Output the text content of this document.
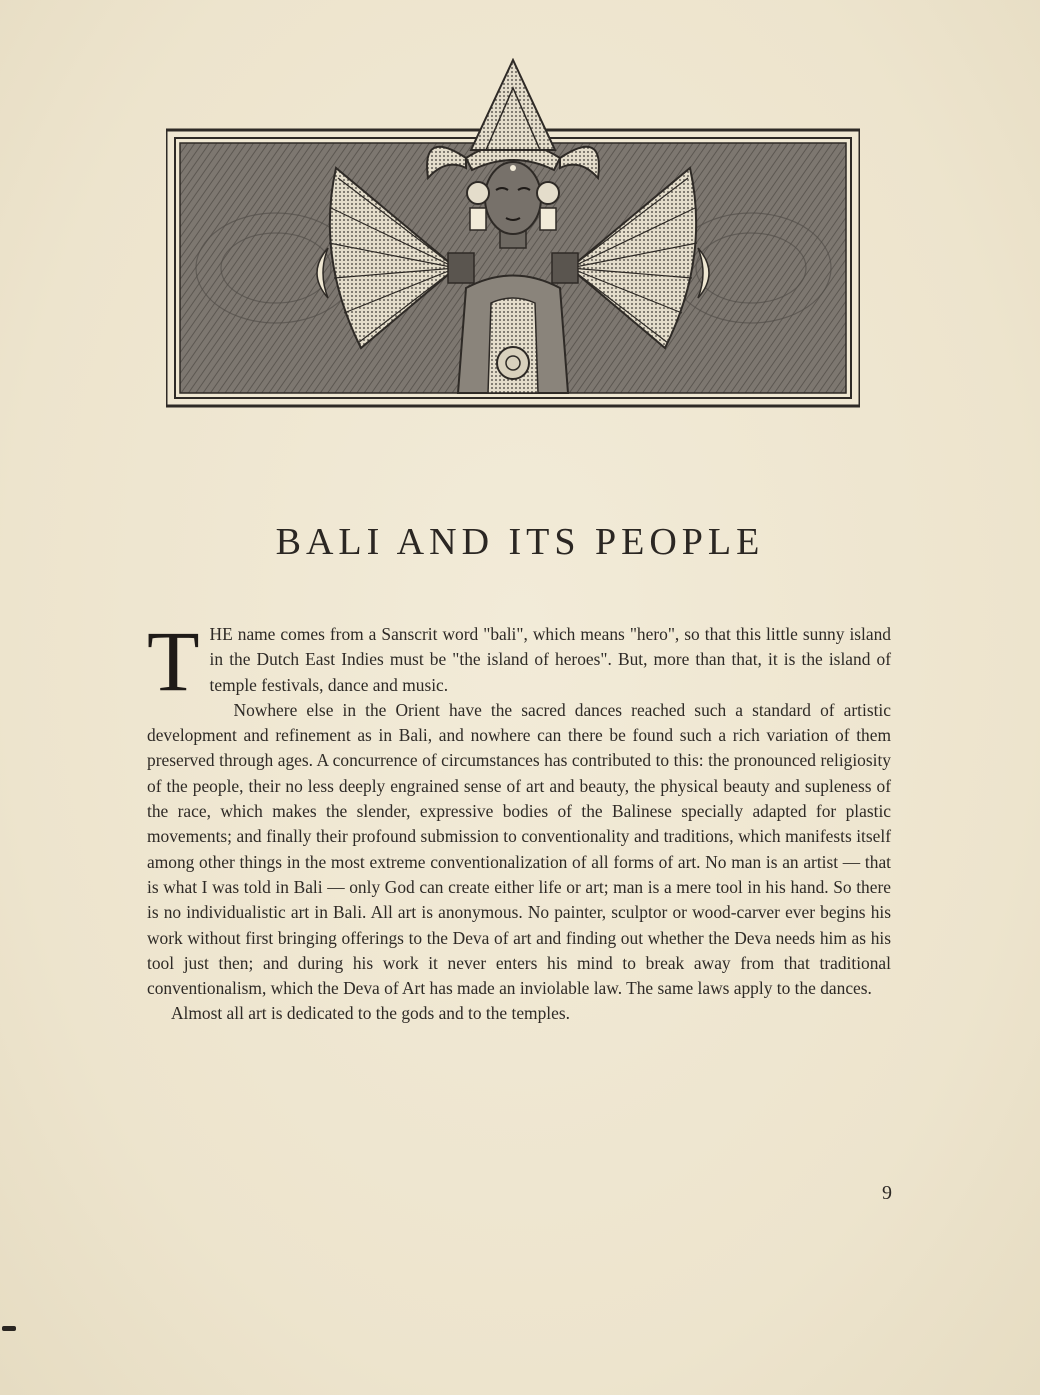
BALI AND ITS PEOPLE

THE name comes from a Sanscrit word "bali", which means "hero", so that this little sunny island in the Dutch East Indies must be "the island of heroes". But, more than that, it is the island of temple festivals, dance and music.

Nowhere else in the Orient have the sacred dances reached such a standard of artistic development and refinement as in Bali, and nowhere can there be found such a rich variation of them preserved through ages. A concurrence of circumstances has contributed to this: the pronounced religiosity of the people, their no less deeply engrained sense of art and beauty, the physical beauty and supleness of the race, which makes the slender, expressive bodies of the Balinese specially adapted for plastic movements; and finally their profound submission to conventionality and traditions, which manifests itself among other things in the most extreme conventionalization of all forms of art. No man is an artist — that is what I was told in Bali — only God can create either life or art; man is a mere tool in his hand. So there is no individualistic art in Bali. All art is anonymous. No painter, sculptor or wood-carver ever begins his work without first bringing offerings to the Deva of art and finding out whether the Deva needs him as his tool just then; and during his work it never enters his mind to break away from that traditional conventionalism, which the Deva of Art has made an inviolable law. The same laws apply to the dances.

Almost all art is dedicated to the gods and to the temples.

9
